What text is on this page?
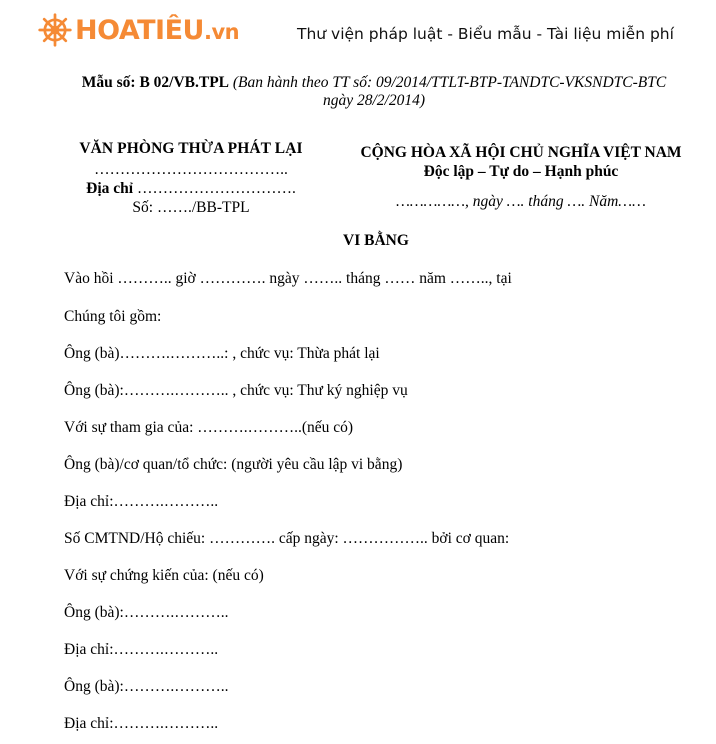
HOATIÊU.vn	Thư viện pháp luật - Biểu mẫu - Tài liệu miễn phí
Mẫu số: B 02/VB.TPL (Ban hành theo TT số: 09/2014/TTLT-BTP-TANDTC-VKSNDTC-BTC
ngày 28/2/2014)
VĂN PHÒNG THỪA PHÁT LẠI
………………………………..
Địa chỉ ………………………….
Số: ……./BB-TPL
CỘNG HÒA XÃ HỘI CHỦ NGHĨA VIỆT NAM
Độc lập – Tự do – Hạnh phúc
……………, ngày …. tháng …. Năm……
VI BẰNG
Vào hồi ……….. giờ …………. ngày …….. tháng …… năm …….., tại
Chúng tôi gồm:
Ông (bà)……….………..: , chức vụ: Thừa phát lại
Ông (bà):……….……….. , chức vụ: Thư ký nghiệp vụ
Với sự tham gia của: ……….………..(nếu có)
Ông (bà)/cơ quan/tổ chức: (người yêu cầu lập vi bằng)
Địa chỉ:……….………..
Số CMTND/Hộ chiếu: …………. cấp ngày: …………….. bởi cơ quan:
Với sự chứng kiến của: (nếu có)
Ông (bà):……….………..
Địa chỉ:……….………..
Ông (bà):……….………..
Địa chỉ:……….………..
